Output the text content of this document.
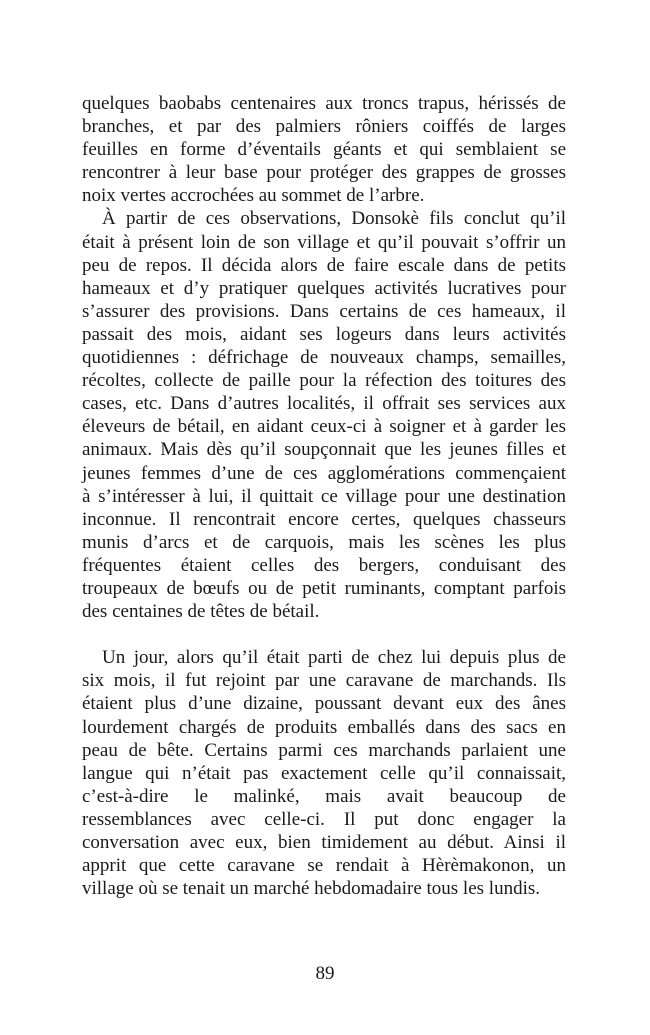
quelques baobabs centenaires aux troncs trapus, hérissés de
branches, et par des palmiers rôniers coiffés de larges
feuilles en forme d’éventails géants et qui semblaient se
rencontrer à leur base pour protéger des grappes de grosses
noix vertes accrochées au sommet de l’arbre.
À partir de ces observations, Donsokè fils conclut qu’il
était à présent loin de son village et qu’il pouvait s’offrir un
peu de repos. Il décida alors de faire escale dans de petits
hameaux et d’y pratiquer quelques activités lucratives pour
s’assurer des provisions. Dans certains de ces hameaux, il
passait des mois, aidant ses logeurs dans leurs activités
quotidiennes : défrichage de nouveaux champs, semailles,
récoltes, collecte de paille pour la réfection des toitures des
cases, etc. Dans d’autres localités, il offrait ses services aux
éleveurs de bétail, en aidant ceux-ci à soigner et à garder les
animaux. Mais dès qu’il soupçonnait que les jeunes filles et
jeunes femmes d’une de ces agglomérations commençaient
à s’intéresser à lui, il quittait ce village pour une destination
inconnue. Il rencontrait encore certes, quelques chasseurs
munis d’arcs et de carquois, mais les scènes les plus
fréquentes étaient celles des bergers, conduisant des
troupeaux de bœufs ou de petit ruminants, comptant parfois
des centaines de têtes de bétail.
Un jour, alors qu’il était parti de chez lui depuis plus de
six mois, il fut rejoint par une caravane de marchands. Ils
étaient plus d’une dizaine, poussant devant eux des ânes
lourdement chargés de produits emballés dans des sacs en
peau de bête. Certains parmi ces marchands parlaient une
langue qui n’était pas exactement celle qu’il connaissait,
c’est-à-dire le malinké, mais avait beaucoup de
ressemblances avec celle-ci. Il put donc engager la
conversation avec eux, bien timidement au début. Ainsi il
apprit que cette caravane se rendait à Hèrèmakonon, un
village où se tenait un marché hebdomadaire tous les lundis.
89
